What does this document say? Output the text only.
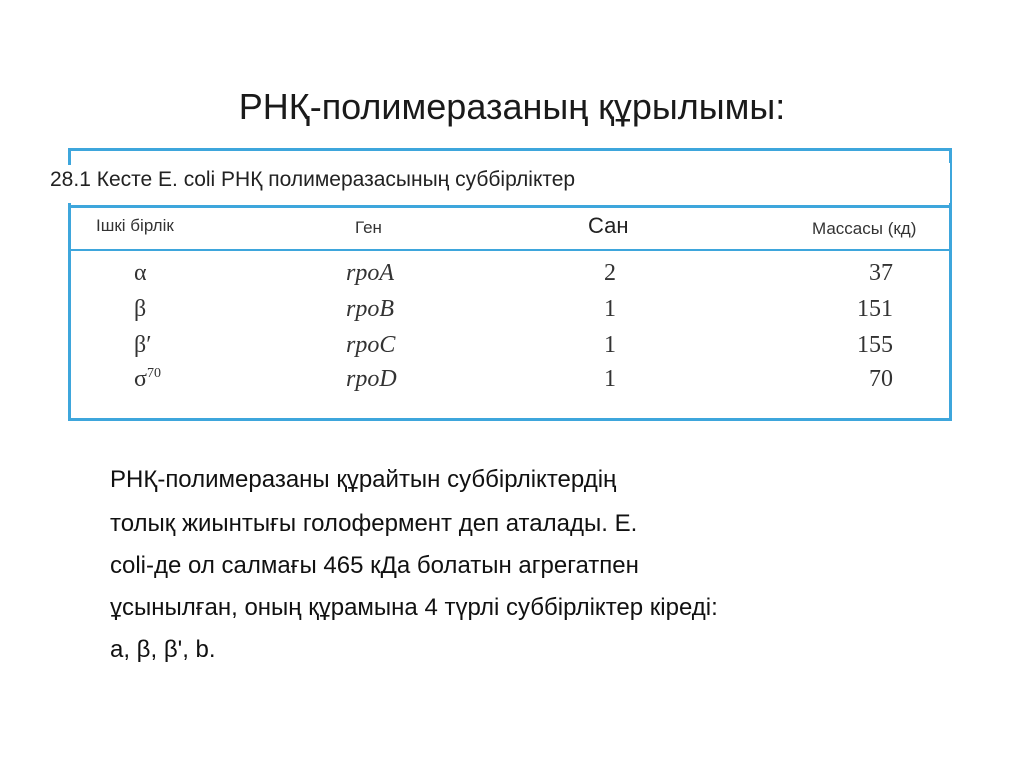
РНҚ-полимеразаның құрылымы:
28.1 Кесте E. coli РНҚ полимеразасының суббірліктер
Ішкі бірлік	Ген	Сан	Массасы (кд)
α	rpoA	2	37
β	rpoB	1	151
β′	rpoC	1	155
$\sigma^{70}$	rpoD	1	70
РНҚ-полимеразаны құрайтын суббірліктердің
толық жиынтығы голофермент деп аталады. E.
coli-де ол салмағы 465 кДа болатын агрегатпен
ұсынылған, оның құрамына 4 түрлі суббірліктер кіреді:
a, β, β', b.
